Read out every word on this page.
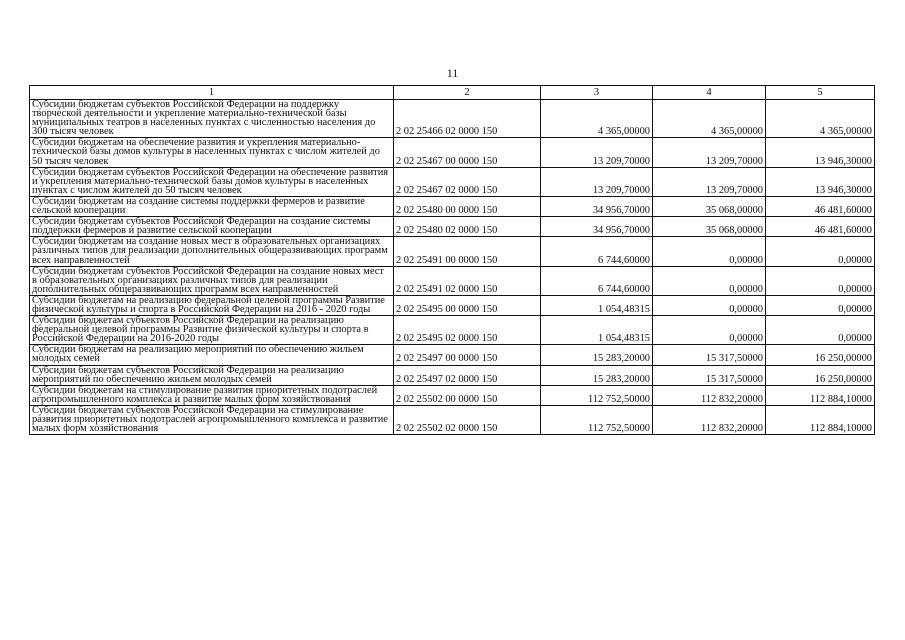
11
1	2	3	4	5
Субсидии бюджетам субъектов Российской Федерации на поддержку творческой деятельности и укрепление материально-технической базы муниципальных театров в населенных пунктах с численностью населения до 300 тысяч человек	2 02 25466 02 0000 150	4 365,00000	4 365,00000	4 365,00000
Субсидии бюджетам на обеспечение развития и укрепления материально-технической базы домов культуры в населенных пунктах с числом жителей до 50 тысяч человек	2 02 25467 00 0000 150	13 209,70000	13 209,70000	13 946,30000
Субсидии бюджетам субъектов Российской Федерации на обеспечение развития и укрепления материально-технической базы домов культуры в населенных пунктах с числом жителей до 50 тысяч человек	2 02 25467 02 0000 150	13 209,70000	13 209,70000	13 946,30000
Субсидии бюджетам на создание системы поддержки фермеров и развитие сельской кооперации	2 02 25480 00 0000 150	34 956,70000	35 068,00000	46 481,60000
Субсидии бюджетам субъектов Российской Федерации на создание системы поддержки фермеров и развитие сельской кооперации	2 02 25480 02 0000 150	34 956,70000	35 068,00000	46 481,60000
Субсидии бюджетам на создание новых мест в образовательных организациях различных типов для реализации дополнительных общеразвивающих программ всех направленностей	2 02 25491 00 0000 150	6 744,60000	0,00000	0,00000
Субсидии бюджетам субъектов Российской Федерации на создание новых мест в образовательных организациях различных типов для реализации дополнительных общеразвивающих программ всех направленностей	2 02 25491 02 0000 150	6 744,60000	0,00000	0,00000
Субсидии бюджетам на реализацию федеральной целевой программы Развитие физической культуры и спорта в Российской Федерации на 2016 - 2020 годы	2 02 25495 00 0000 150	1 054,48315	0,00000	0,00000
Субсидии бюджетам субъектов Российской Федерации на реализацию федеральной целевой программы Развитие физической культуры и спорта в Российской Федерации на 2016-2020 годы	2 02 25495 02 0000 150	1 054,48315	0,00000	0,00000
Субсидии бюджетам на реализацию мероприятий по обеспечению жильем молодых семей	2 02 25497 00 0000 150	15 283,20000	15 317,50000	16 250,00000
Субсидии бюджетам субъектов Российской Федерации на реализацию мероприятий по обеспечению жильем молодых семей	2 02 25497 02 0000 150	15 283,20000	15 317,50000	16 250,00000
Субсидии бюджетам на стимулирование развития приоритетных подотраслей агропромышленного комплекса и развитие малых форм хозяйствования	2 02 25502 00 0000 150	112 752,50000	112 832,20000	112 884,10000
Субсидии бюджетам субъектов Российской Федерации на стимулирование развития приоритетных подотраслей агропромышленного комплекса и развитие малых форм хозяйствования	2 02 25502 02 0000 150	112 752,50000	112 832,20000	112 884,10000
